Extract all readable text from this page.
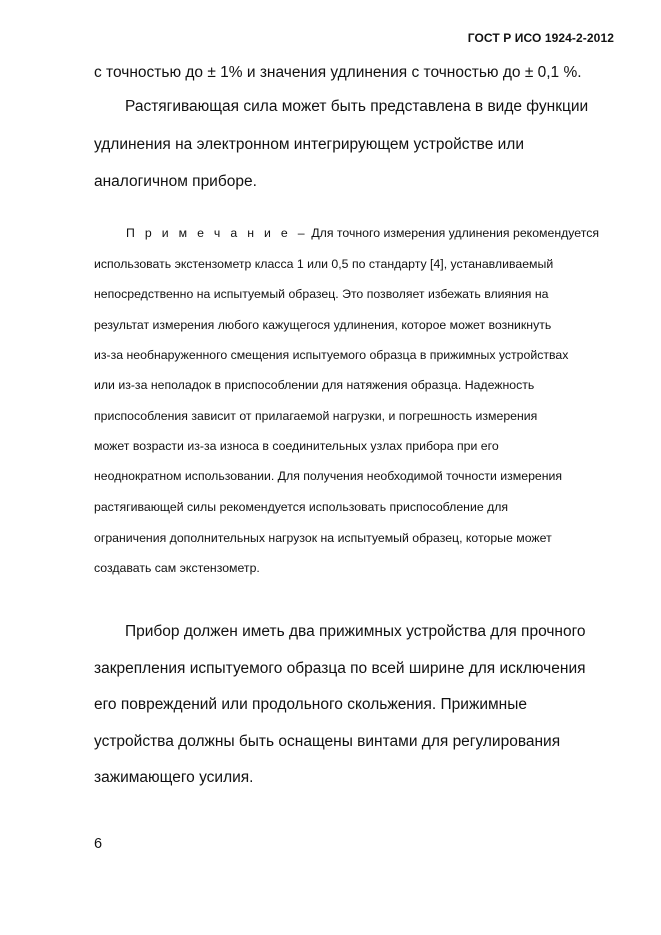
ГОСТ Р ИСО 1924-2-2012
с точностью до ± 1% и значения удлинения с точностью до ± 0,1 %.
Растягивающая сила может быть представлена в виде функции
удлинения на электронном интегрирующем устройстве или
аналогичном приборе.
П р и м е ч а н и е – Для точного измерения удлинения рекомендуется
использовать экстензометр класса 1 или 0,5 по стандарту [4], устанавливаемый
непосредственно на испытуемый образец. Это позволяет избежать влияния на
результат измерения любого кажущегося удлинения, которое может возникнуть
из-за необнаруженного смещения испытуемого образца в прижимных устройствах
или из-за неполадок в приспособлении для натяжения образца. Надежность
приспособления зависит от прилагаемой нагрузки, и погрешность измерения
может возрасти из-за износа в соединительных узлах прибора при его
неоднократном использовании. Для получения необходимой точности измерения
растягивающей силы рекомендуется использовать приспособление для
ограничения дополнительных нагрузок на испытуемый образец, которые может
создавать сам экстензометр.
Прибор должен иметь два прижимных устройства для прочного
закрепления испытуемого образца по всей ширине для исключения
его повреждений или продольного скольжения. Прижимные
устройства должны быть оснащены винтами для регулирования
зажимающего усилия.
6
